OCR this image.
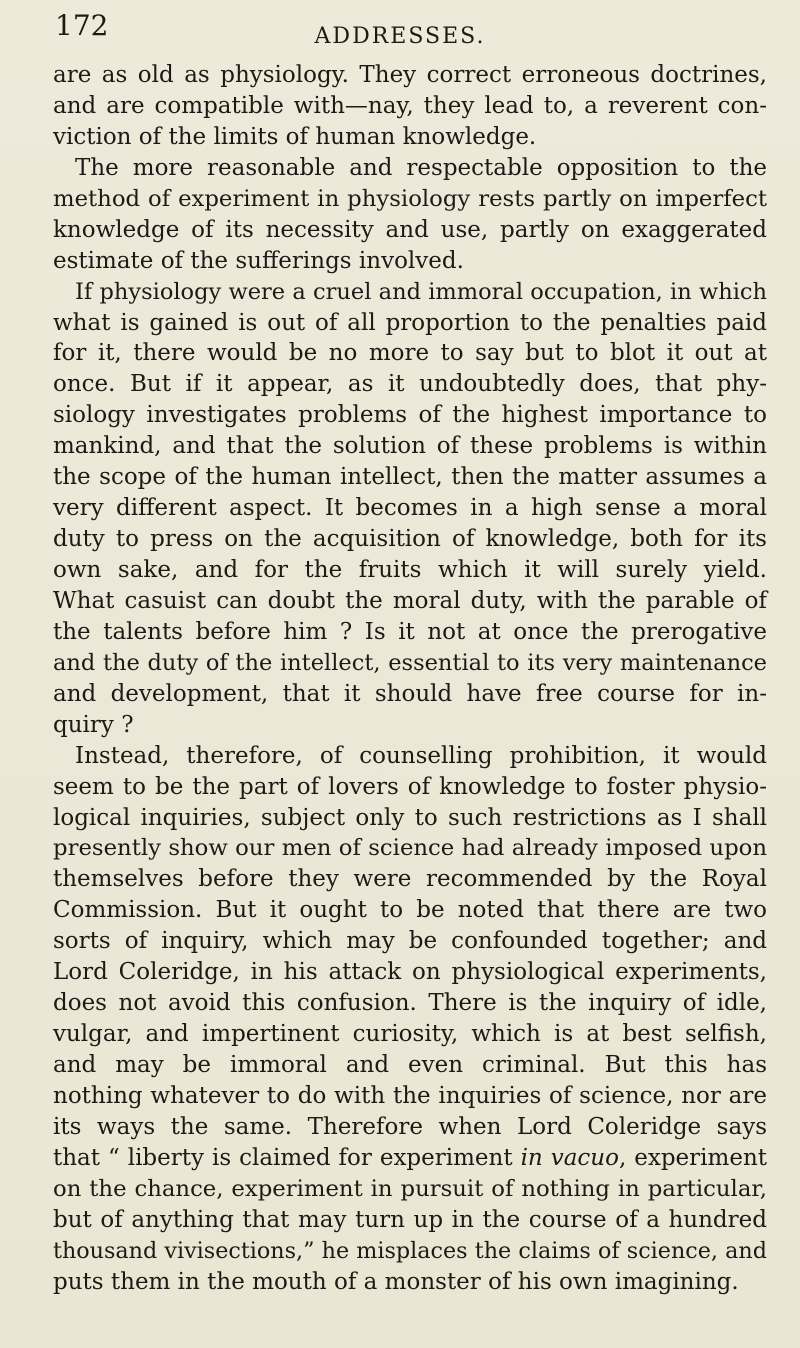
172	ADDRESSES.
are as old as physiology. They correct erroneous doctrines,
and are compatible with—nay, they lead to, a reverent con-
viction of the limits of human knowledge.
The more reasonable and respectable opposition to the
method of experiment in physiology rests partly on imperfect
knowledge of its necessity and use, partly on exaggerated
estimate of the sufferings involved.
If physiology were a cruel and immoral occupation, in which
what is gained is out of all proportion to the penalties paid
for it, there would be no more to say but to blot it out at
once. But if it appear, as it undoubtedly does, that phy-
siology investigates problems of the highest importance to
mankind, and that the solution of these problems is within
the scope of the human intellect, then the matter assumes a
very different aspect. It becomes in a high sense a moral
duty to press on the acquisition of knowledge, both for its
own sake, and for the fruits which it will surely yield.
What casuist can doubt the moral duty, with the parable of
the talents before him ? Is it not at once the prerogative
and the duty of the intellect, essential to its very maintenance
and development, that it should have free course for in-
quiry ?
Instead, therefore, of counselling prohibition, it would
seem to be the part of lovers of knowledge to foster physio-
logical inquiries, subject only to such restrictions as I shall
presently show our men of science had already imposed upon
themselves before they were recommended by the Royal
Commission. But it ought to be noted that there are two
sorts of inquiry, which may be confounded together; and
Lord Coleridge, in his attack on physiological experiments,
does not avoid this confusion. There is the inquiry of idle,
vulgar, and impertinent curiosity, which is at best selfish,
and may be immoral and even criminal. But this has
nothing whatever to do with the inquiries of science, nor are
its ways the same. Therefore when Lord Coleridge says
that “ liberty is claimed for experiment in vacuo, experiment
on the chance, experiment in pursuit of nothing in particular,
but of anything that may turn up in the course of a hundred
thousand vivisections,” he misplaces the claims of science, and
puts them in the mouth of a monster of his own imagining.
